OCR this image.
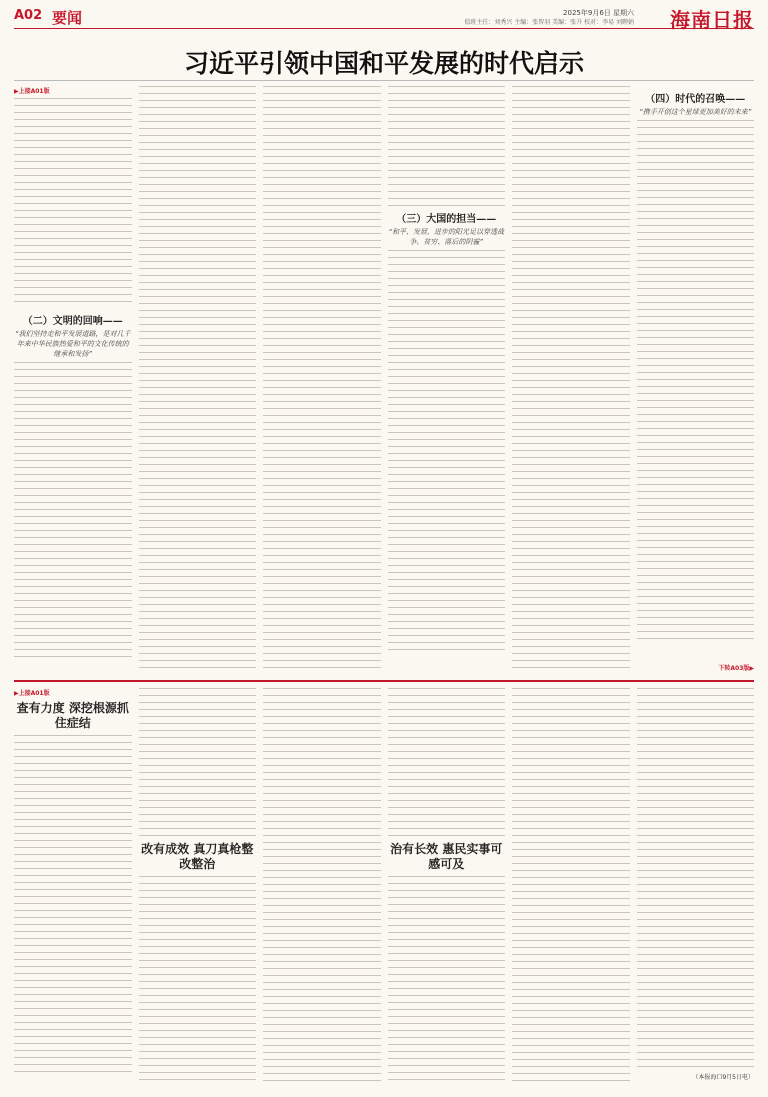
A02 要闻	2025年9月6日 星期六
值班主任：刘秀兴 主编：张智羽 美编：张升 校对：李易 刘聘娟 海南日报
习近平引领中国和平发展的时代启示
▶上接A01版
（二）文明的回响——
“我们坚持走和平发展道路，是对几千年来中华民族热爱和平的文化传统的继承和发扬”
（三）大国的担当——
“和平、发展、进步的阳光足以穿透战争、贫穷、落后的阴霾”
（四）时代的召唤——
“携手开创这个星球更加美好的未来”
下转A03版▶
▶上接A01版
查有力度 深挖根源抓住症结
改有成效 真刀真枪整改整治
治有长效 惠民实事可感可及
（本报海口9月5日电）
